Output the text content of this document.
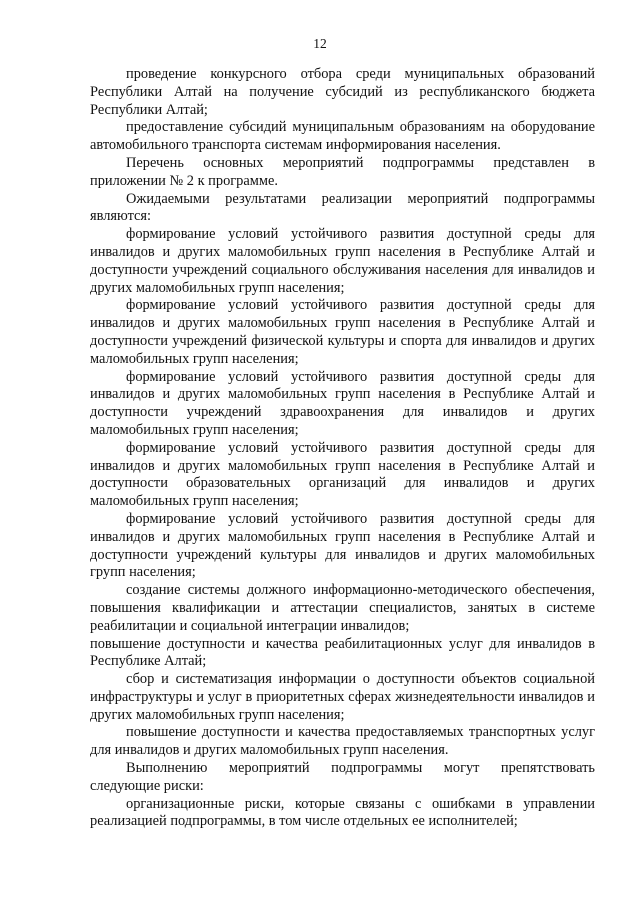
12

проведение конкурсного отбора среди муниципальных образований Республики Алтай на получение субсидий из республиканского бюджета Республики Алтай;

предоставление субсидий муниципальным образованиям на оборудование автомобильного транспорта системам информирования населения.

Перечень основных мероприятий подпрограммы представлен в приложении № 2 к программе.

Ожидаемыми результатами реализации мероприятий подпрограммы являются:

формирование условий устойчивого развития доступной среды для инвалидов и других маломобильных групп населения в Республике Алтай и доступности учреждений социального обслуживания населения для инвалидов и других маломобильных групп населения;

формирование условий устойчивого развития доступной среды для инвалидов и других маломобильных групп населения в Республике Алтай и доступности учреждений физической культуры и спорта для инвалидов и других маломобильных групп населения;

формирование условий устойчивого развития доступной среды для инвалидов и других маломобильных групп населения в Республике Алтай и доступности учреждений здравоохранения для инвалидов и других маломобильных групп населения;

формирование условий устойчивого развития доступной среды для инвалидов и других маломобильных групп населения в Республике Алтай и доступности образовательных организаций для инвалидов и других маломобильных групп населения;

формирование условий устойчивого развития доступной среды для инвалидов и других маломобильных групп населения в Республике Алтай и доступности учреждений культуры для инвалидов и других маломобильных групп населения;

создание системы должного информационно-методического обеспечения, повышения квалификации и аттестации специалистов, занятых в системе реабилитации и социальной интеграции инвалидов;

повышение доступности и качества реабилитационных услуг для инвалидов в Республике Алтай;

сбор и систематизация информации о доступности объектов социальной инфраструктуры и услуг в приоритетных сферах жизнедеятельности инвалидов и других маломобильных групп населения;

повышение доступности и качества предоставляемых транспортных услуг для инвалидов и других маломобильных групп населения.

Выполнению мероприятий подпрограммы могут препятствовать следующие риски:

организационные риски, которые связаны с ошибками в управлении реализацией подпрограммы, в том числе отдельных ее исполнителей;
